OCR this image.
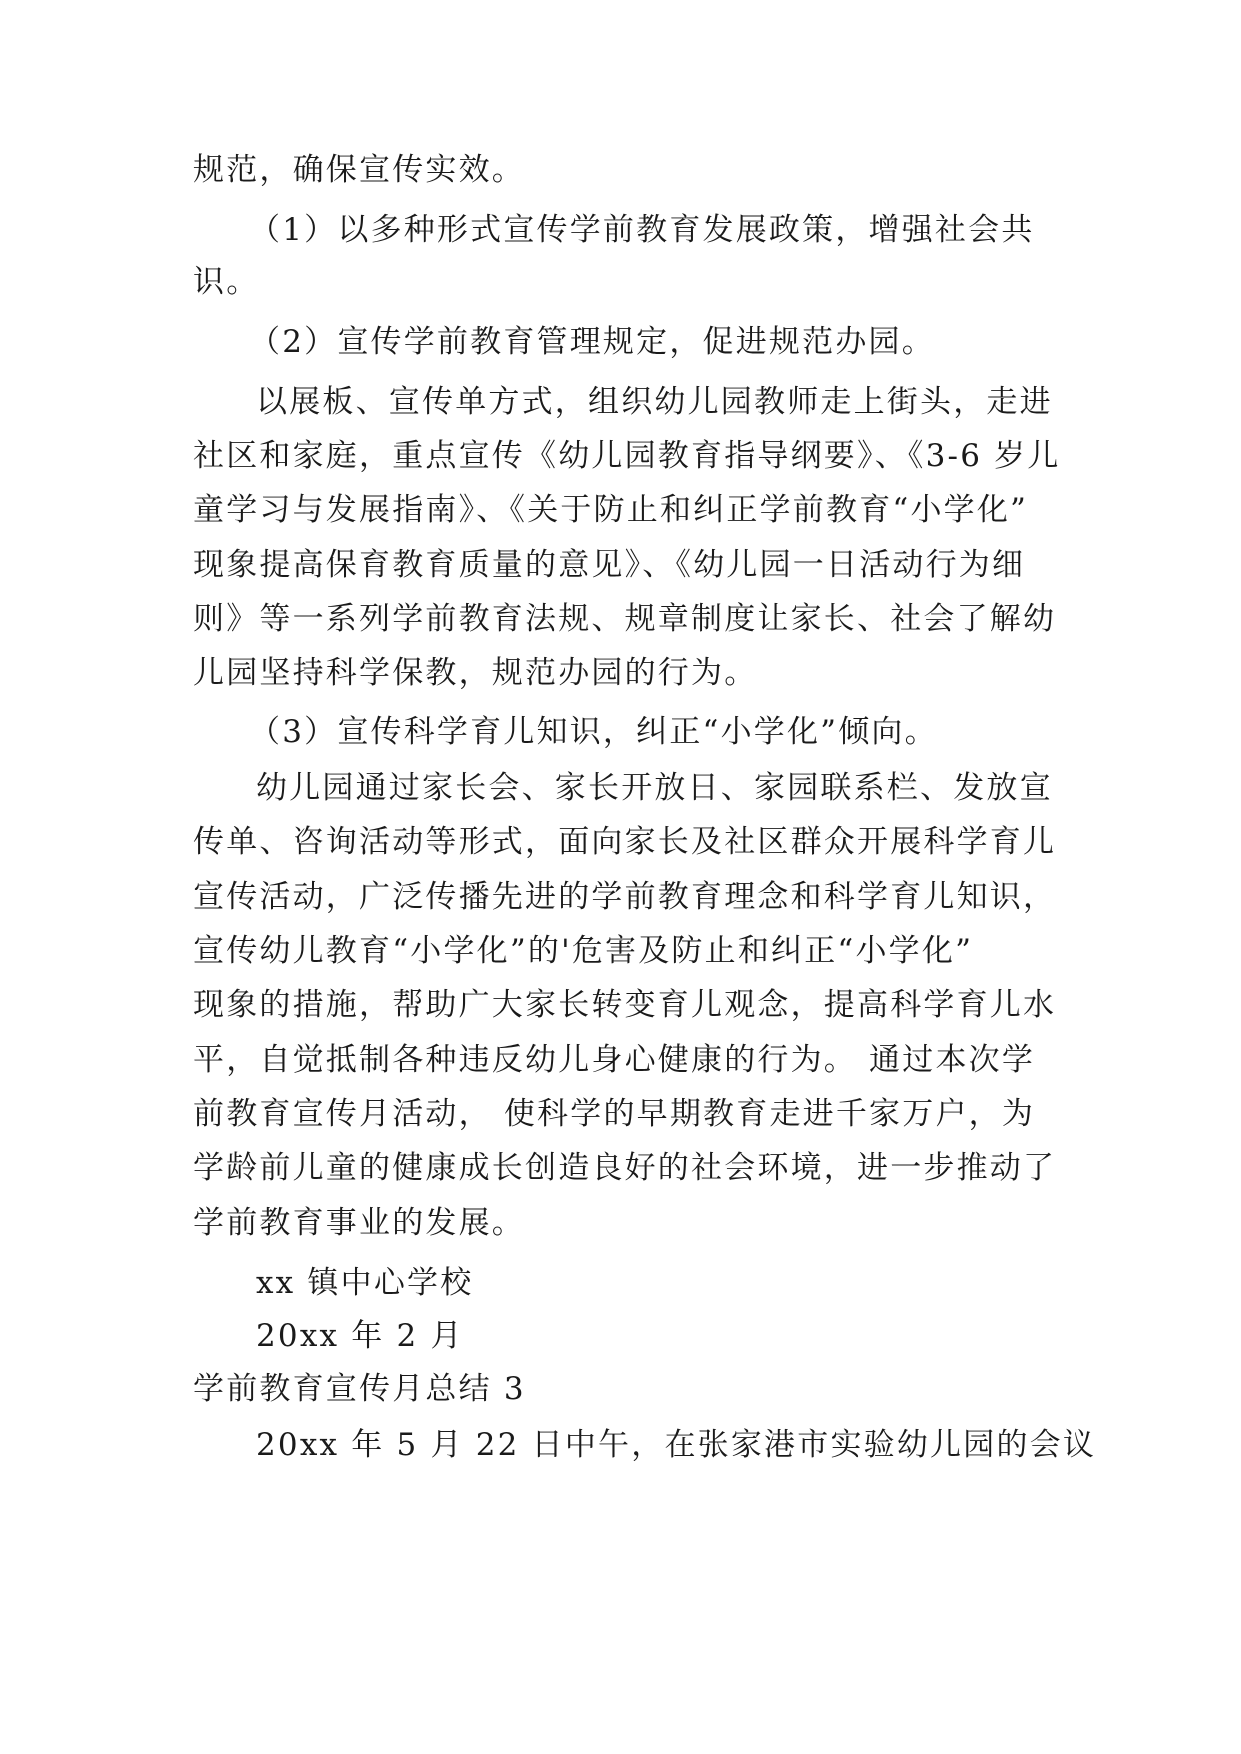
规范，确保宣传实效。
（1）以多种形式宣传学前教育发展政策，增强社会共
识。
（2）宣传学前教育管理规定，促进规范办园。
以展板、宣传单方式，组织幼儿园教师走上街头，走进
社区和家庭，重点宣传《幼儿园教育指导纲要》、《3-6 岁儿
童学习与发展指南》、《关于防止和纠正学前教育“小学化”
现象提高保育教育质量的意见》、《幼儿园一日活动行为细
则》等一系列学前教育法规、规章制度让家长、社会了解幼
儿园坚持科学保教，规范办园的行为。
（3）宣传科学育儿知识，纠正“小学化”倾向。
幼儿园通过家长会、家长开放日、家园联系栏、发放宣
传单、咨询活动等形式，面向家长及社区群众开展科学育儿
宣传活动，广泛传播先进的学前教育理念和科学育儿知识，
宣传幼儿教育“小学化”的'危害及防止和纠正“小学化”
现象的措施，帮助广大家长转变育儿观念，提高科学育儿水
平，自觉抵制各种违反幼儿身心健康的行为。 通过本次学
前教育宣传月活动， 使科学的早期教育走进千家万户，为
学龄前儿童的健康成长创造良好的社会环境，进一步推动了
学前教育事业的发展。
xx 镇中心学校
20xx 年 2 月
学前教育宣传月总结 3
20xx 年 5 月 22 日中午，在张家港市实验幼儿园的会议
